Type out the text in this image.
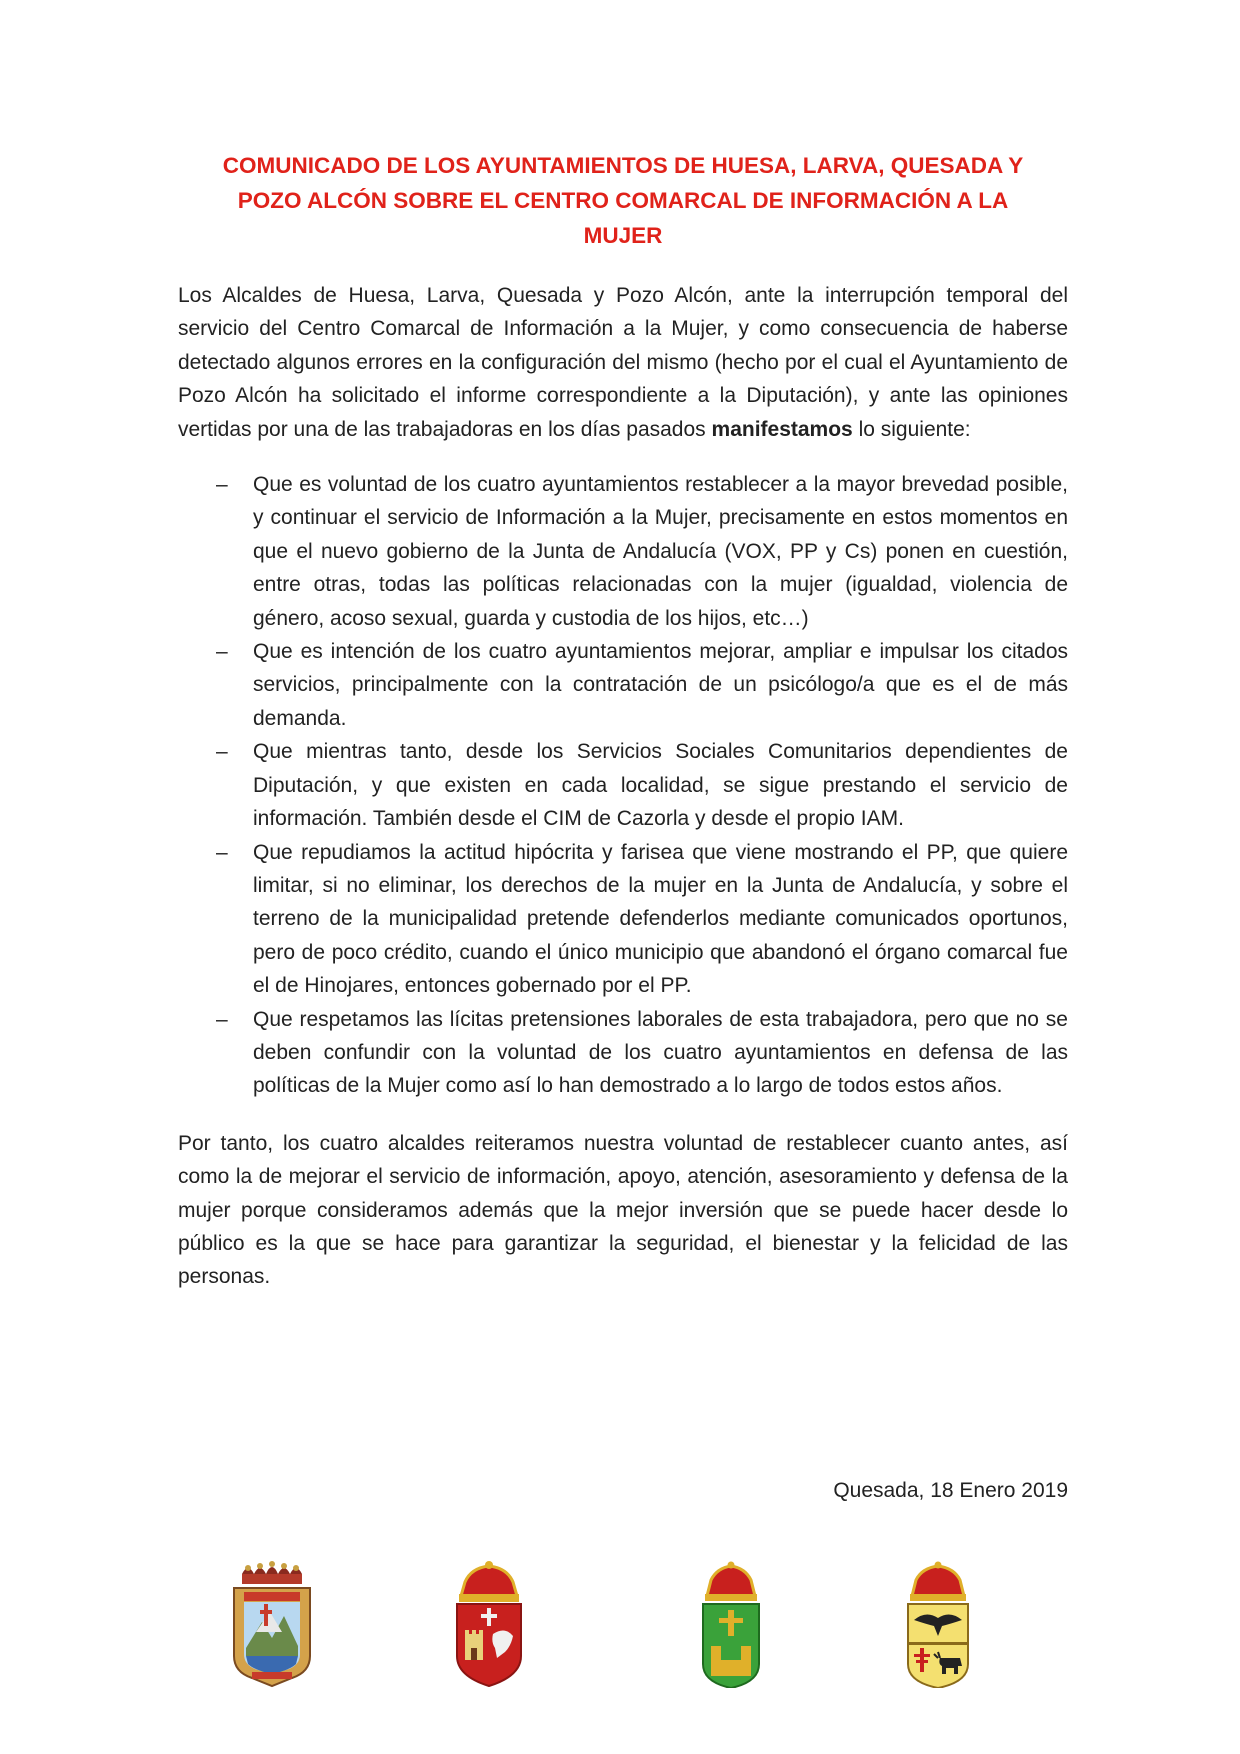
COMUNICADO DE LOS AYUNTAMIENTOS DE HUESA, LARVA, QUESADA Y
POZO ALCÓN SOBRE EL CENTRO COMARCAL DE INFORMACIÓN A LA
MUJER

Los Alcaldes de Huesa, Larva, Quesada y Pozo Alcón, ante la interrupción temporal del servicio del Centro Comarcal de Información a la Mujer, y como consecuencia de haberse detectado algunos errores en la configuración del mismo (hecho por el cual el Ayuntamiento de Pozo Alcón ha solicitado el informe correspondiente a la Diputación), y ante las opiniones vertidas por una de las trabajadoras en los días pasados manifestamos lo siguiente:

– Que es voluntad de los cuatro ayuntamientos restablecer a la mayor brevedad posible, y continuar el servicio de Información a la Mujer, precisamente en estos momentos en que el nuevo gobierno de la Junta de Andalucía (VOX, PP y Cs) ponen en cuestión, entre otras, todas las políticas relacionadas con la mujer (igualdad, violencia de género, acoso sexual, guarda y custodia de los hijos, etc…)
– Que es intención de los cuatro ayuntamientos mejorar, ampliar e impulsar los citados servicios, principalmente con la contratación de un psicólogo/a que es el de más demanda.
– Que mientras tanto, desde los Servicios Sociales Comunitarios dependientes de Diputación, y que existen en cada localidad, se sigue prestando el servicio de información. También desde el CIM de Cazorla y desde el propio IAM.
– Que repudiamos la actitud hipócrita y farisea que viene mostrando el PP, que quiere limitar, si no eliminar, los derechos de la mujer en la Junta de Andalucía, y sobre el terreno de la municipalidad pretende defenderlos mediante comunicados oportunos, pero de poco crédito, cuando el único municipio que abandonó el órgano comarcal fue el de Hinojares, entonces gobernado por el PP.
– Que respetamos las lícitas pretensiones laborales de esta trabajadora, pero que no se deben confundir con la voluntad de los cuatro ayuntamientos en defensa de las políticas de la Mujer como así lo han demostrado a lo largo de todos estos años.

Por tanto, los cuatro alcaldes reiteramos nuestra voluntad de restablecer cuanto antes, así como la de mejorar el servicio de información, apoyo, atención, asesoramiento y defensa de la mujer porque consideramos además que la mejor inversión que se puede hacer desde lo público es la que se hace para garantizar la seguridad, el bienestar y la felicidad de las personas.

Quesada, 18 Enero 2019
